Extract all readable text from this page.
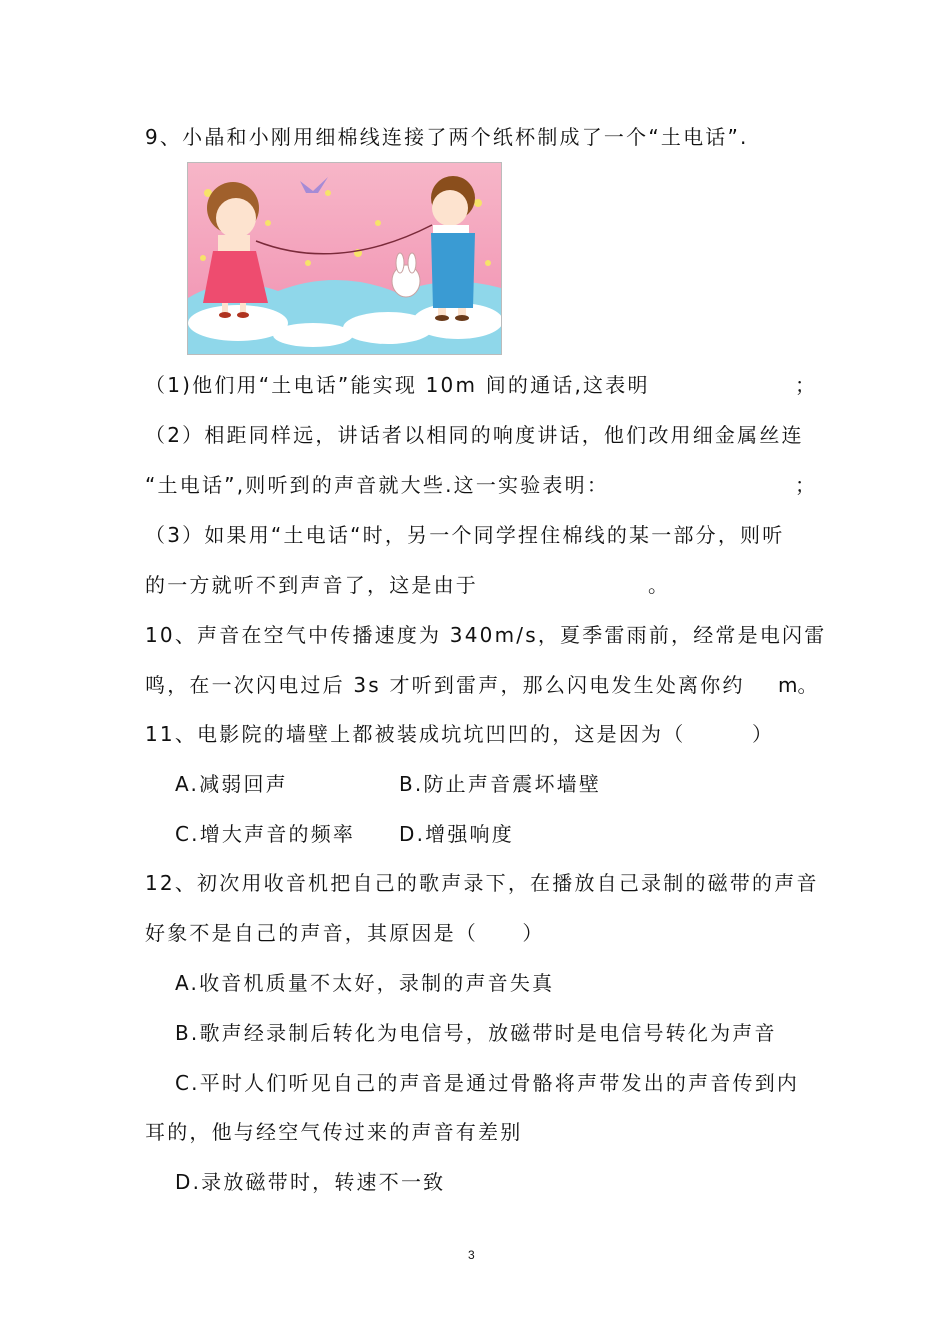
9、小晶和小刚用细棉线连接了两个纸杯制成了一个“土电话”.
（1)他们用“土电话”能实现 10m 间的通话,这表明	；
（2）相距同样远，讲话者以相同的响度讲话，他们改用细金属丝连
“土电话”,则听到的声音就大些.这一实验表明：	；
（3）如果用“土电话“时，另一个同学捏住棉线的某一部分，则听
的一方就听不到声音了，这是由于	。
10、声音在空气中传播速度为 340m/s，夏季雷雨前，经常是电闪雷
鸣，在一次闪电过后 3s 才听到雷声，那么闪电发生处离你约 m。
11、电影院的墙壁上都被装成坑坑凹凹的，这是因为（　　　）
A.减弱回声	B.防止声音震坏墙壁
C.增大声音的频率 D.增强响度
12、初次用收音机把自己的歌声录下，在播放自己录制的磁带的声音
好象不是自己的声音，其原因是（　　）
A.收音机质量不太好，录制的声音失真
B.歌声经录制后转化为电信号，放磁带时是电信号转化为声音
C.平时人们听见自己的声音是通过骨骼将声带发出的声音传到内
耳的，他与经空气传过来的声音有差别
D.录放磁带时，转速不一致
3
